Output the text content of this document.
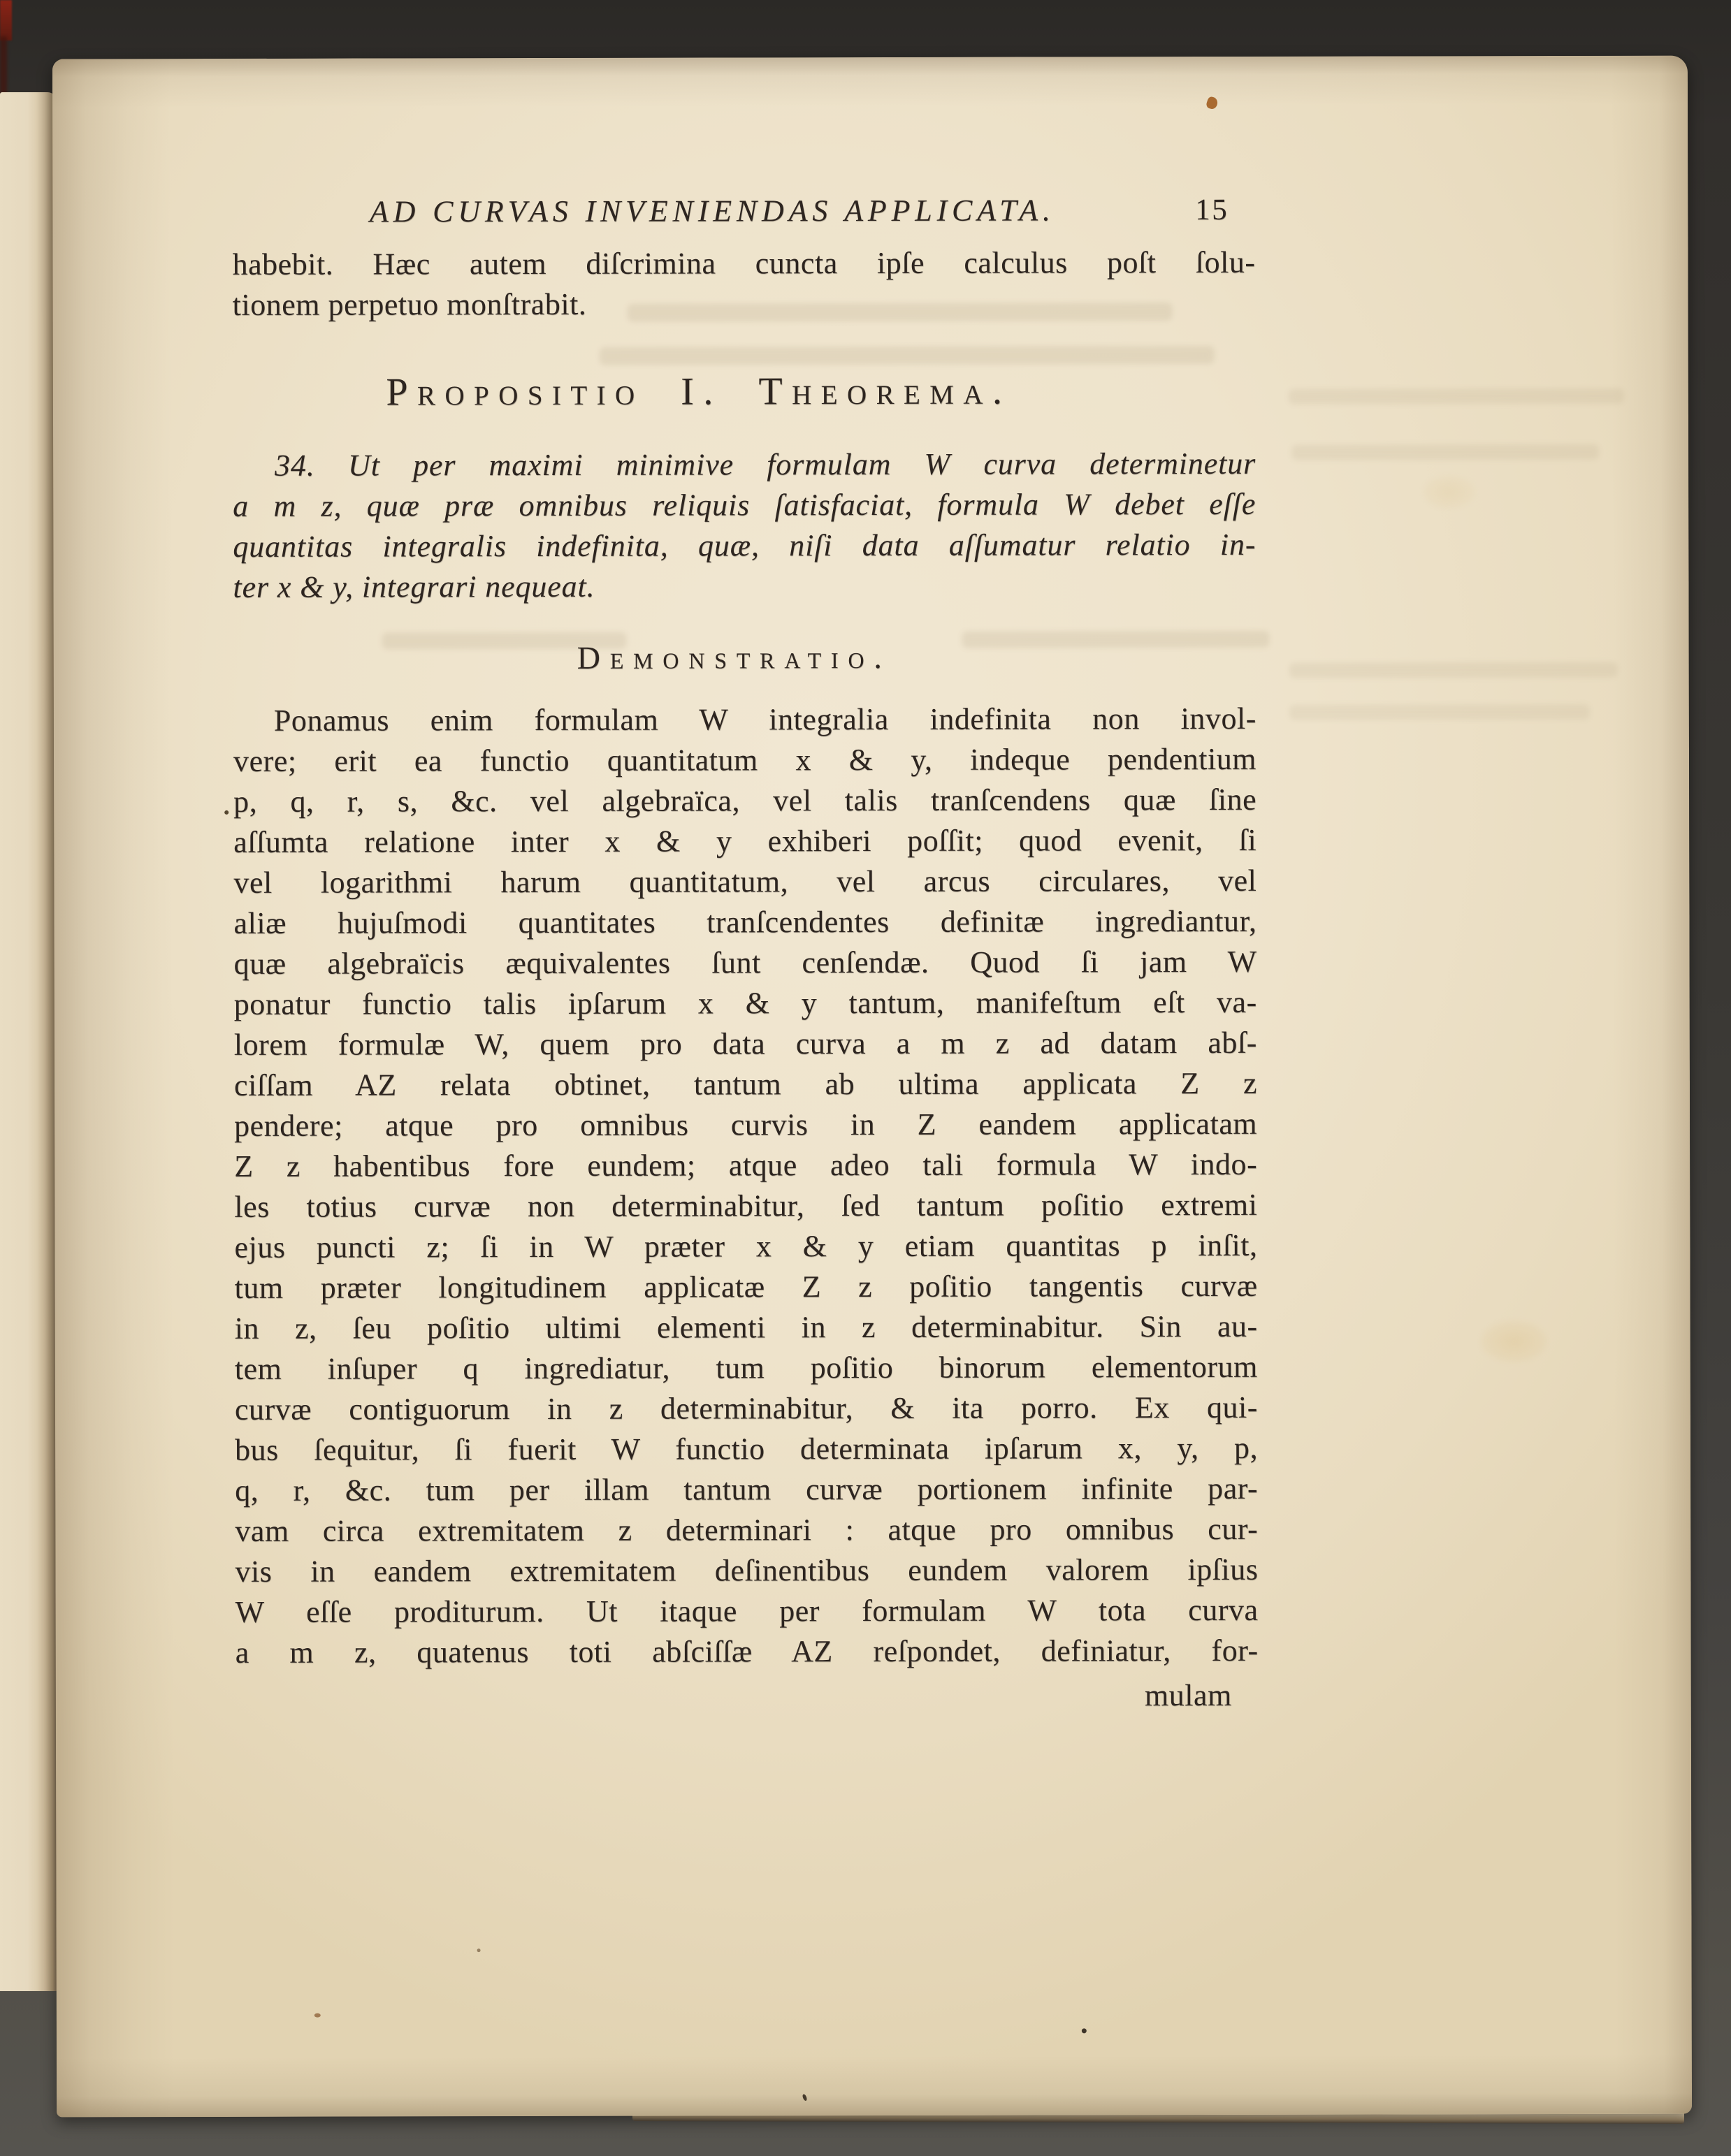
AD CURVAS INVENIENDAS APPLICATA.	15
habebit. Hæc autem diſcrimina cuncta ipſe calculus poſt ſolu-
tionem perpetuo monſtrabit.
Propositio I. Theorema.
34. Ut per maximi minimive formulam W curva determinetur
a m z, quæ præ omnibus reliquis ſatisfaciat, formula W debet eſſe
quantitas integralis indefinita, quæ, niſi data aſſumatur relatio in-
ter x & y, integrari nequeat.
Demonstratio.
Ponamus enim formulam W integralia indefinita non invol-
vere; erit ea functio quantitatum x & y, indeque pendentium
p, q, r, s, &c. vel algebraïca, vel talis tranſcendens quæ ſine
aſſumta relatione inter x & y exhiberi poſſit; quod evenit, ſi
vel logarithmi harum quantitatum, vel arcus circulares, vel
aliæ hujuſmodi quantitates tranſcendentes definitæ ingrediantur,
quæ algebraïcis æquivalentes ſunt cenſendæ. Quod ſi jam W
ponatur functio talis ipſarum x & y tantum, manifeſtum eſt va-
lorem formulæ W, quem pro data curva a m z ad datam abſ-
ciſſam AZ relata obtinet, tantum ab ultima applicata Z z
pendere; atque pro omnibus curvis in Z eandem applicatam
Z z habentibus fore eundem; atque adeo tali formula W indo-
les totius curvæ non determinabitur, ſed tantum poſitio extremi
ejus puncti z; ſi in W præter x & y etiam quantitas p inſit,
tum præter longitudinem applicatæ Z z poſitio tangentis curvæ
in z, ſeu poſitio ultimi elementi in z determinabitur. Sin au-
tem inſuper q ingrediatur, tum poſitio binorum elementorum
curvæ contiguorum in z determinabitur, & ita porro. Ex qui-
bus ſequitur, ſi fuerit W functio determinata ipſarum x, y, p,
q, r, &c. tum per illam tantum curvæ portionem infinite par-
vam circa extremitatem z determinari : atque pro omnibus cur-
vis in eandem extremitatem deſinentibus eundem valorem ipſius
W eſſe proditurum. Ut itaque per formulam W tota curva
a m z, quatenus toti abſciſſæ AZ reſpondet, definiatur, for-
mulam
